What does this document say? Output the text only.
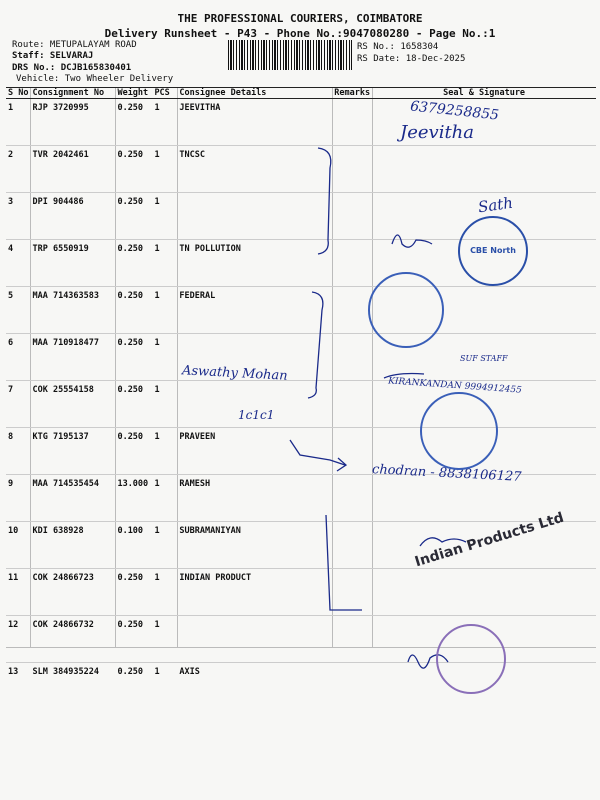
THE PROFESSIONAL COURIERS, COIMBATORE
Delivery Runsheet - P43 - Phone No.:9047080280 - Page No.:1
Route: METUPALAYAM ROAD
Staff: SELVARAJ
DRS No.: DCJB165830401
Vehicle: Two Wheeler Delivery
RS No.: 1658304
RS Date: 18-Dec-2025
S No	Consignment No	Weight	PCS	Consignee Details	Remarks	Seal & Signature
1	RJP 3720995	0.250	1	JEEVITHA		
2	TVR 2042461	0.250	1	TNCSC		
3	DPI 904486	0.250	1			
4	TRP 6550919	0.250	1	TN POLLUTION		
5	MAA 714363583	0.250	1	FEDERAL		
6	MAA 710918477	0.250	1			
7	COK 25554158	0.250	1			
8	KTG 7195137	0.250	1	PRAVEEN		
9	MAA 714535454	13.000	1	RAMESH		
10	KDI 638928	0.100	1	SUBRAMANIYAN		
11	COK 24866723	0.250	1	INDIAN PRODUCT		
12	COK 24866732	0.250	1			
13	SLM 384935224	0.250	1	AXIS		
6379258855
Jeevitha
Sath
Aswathy Mohan
SUF STAFF
KIRANKANDAN 9994912455
1c1c1
chodran - 8838106127
CBE North
Indian Products Ltd
